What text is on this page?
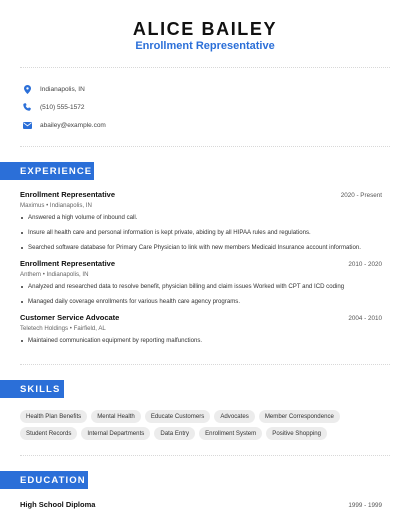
ALICE BAILEY
Enrollment Representative
Indianapolis, IN
(510) 555-1572
abailey@example.com
EXPERIENCE
Enrollment Representative	2020 - Present
Maximus • Indianapolis, IN
Answered a high volume of inbound call.
Insure all health care and personal information is kept private, abiding by all HIPAA rules and regulations.
Searched software database for Primary Care Physician to link with new members Medicaid Insurance account information.
Enrollment Representative	2010 - 2020
Anthem • Indianapolis, IN
Analyzed and researched data to resolve benefit, physician billing and claim issues Worked with CPT and ICD coding
Managed daily coverage enrollments for various health care agency programs.
Customer Service Advocate	2004 - 2010
Teletech Holdings • Fairfield, AL
Maintained communication equipment by reporting malfunctions.
SKILLS
Health Plan Benefits	Mental Health	Educate Customers	Advocates	Member Correspondence
Student Records	Internal Departments	Data Entry	Enrollment System	Positive Shopping
EDUCATION
High School Diploma	1999 - 1999
